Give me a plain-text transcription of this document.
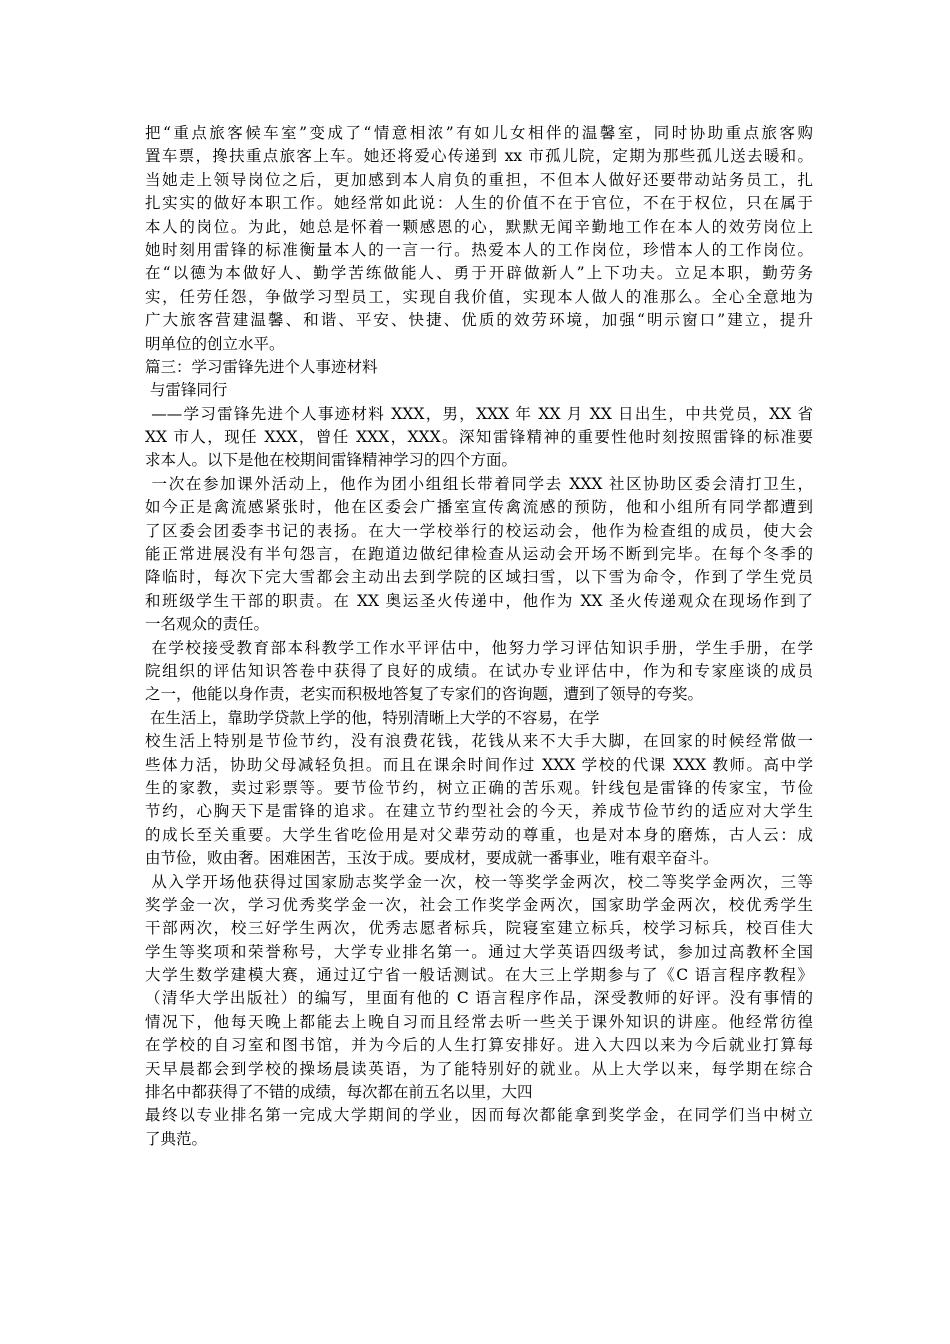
把“重点旅客候车室”变成了“情意相浓”有如儿女相伴的温馨室，同时协助重点旅客购
置车票，搀扶重点旅客上车。她还将爱心传递到 xx 市孤儿院，定期为那些孤儿送去暖和。
当她走上领导岗位之后，更加感到本人肩负的重担，不但本人做好还要带动站务员工，扎
扎实实的做好本职工作。她经常如此说：人生的价值不在于官位，不在于权位，只在属于
本人的岗位。为此，她总是怀着一颗感恩的心，默默无闻辛勤地工作在本人的效劳岗位上
她时刻用雷锋的标准衡量本人的一言一行。热爱本人的工作岗位，珍惜本人的工作岗位。
在“以德为本做好人、勤学苦练做能人、勇于开辟做新人”上下功夫。立足本职，勤劳务
实，任劳任怨，争做学习型员工，实现自我价值，实现本人做人的准那么。全心全意地为
广大旅客营建温馨、和谐、平安、快捷、优质的效劳环境，加强“明示窗口”建立，提升
明单位的创立水平。
篇三：学习雷锋先进个人事迹材料
与雷锋同行
——学习雷锋先进个人事迹材料 XXX，男，XXX 年 XX 月 XX 日出生，中共党员，XX 省
XX 市人，现任 XXX，曾任 XXX，XXX。深知雷锋精神的重要性他时刻按照雷锋的标准要
求本人。以下是他在校期间雷锋精神学习的四个方面。
一次在参加课外活动上，他作为团小组组长带着同学去 XXX 社区协助区委会清打卫生，
如今正是禽流感紧张时，他在区委会广播室宣传禽流感的预防，他和小组所有同学都遭到
了区委会团委李书记的表扬。在大一学校举行的校运动会，他作为检查组的成员，使大会
能正常进展没有半句怨言，在跑道边做纪律检查从运动会开场不断到完毕。在每个冬季的
降临时，每次下完大雪都会主动出去到学院的区域扫雪，以下雪为命令，作到了学生党员
和班级学生干部的职责。在 XX 奥运圣火传递中，他作为 XX 圣火传递观众在现场作到了
一名观众的责任。
在学校接受教育部本科教学工作水平评估中，他努力学习评估知识手册，学生手册，在学
院组织的评估知识答卷中获得了良好的成绩。在试办专业评估中，作为和专家座谈的成员
之一，他能以身作责，老实而积极地答复了专家们的咨询题，遭到了领导的夸奖。
在生活上，靠助学贷款上学的他，特别清晰上大学的不容易，在学
校生活上特别是节俭节约，没有浪费花钱，花钱从来不大手大脚，在回家的时候经常做一
些体力活，协助父母减轻负担。而且在课余时间作过 XXX 学校的代课 XXX 教师。高中学
生的家教，卖过彩票等。要节俭节约，树立正确的苦乐观。针线包是雷锋的传家宝，节俭
节约，心胸天下是雷锋的追求。在建立节约型社会的今天，养成节俭节约的适应对大学生
的成长至关重要。大学生省吃俭用是对父辈劳动的尊重，也是对本身的磨炼，古人云：成
由节俭，败由奢。困难困苦，玉汝于成。要成材，要成就一番事业，唯有艰辛奋斗。
从入学开场他获得过国家励志奖学金一次，校一等奖学金两次，校二等奖学金两次，三等
奖学金一次，学习优秀奖学金一次，社会工作奖学金两次，国家助学金两次，校优秀学生
干部两次，校三好学生两次，优秀志愿者标兵，院寝室建立标兵，校学习标兵，校百佳大
学生等奖项和荣誉称号，大学专业排名第一。通过大学英语四级考试，参加过高教杯全国
大学生数学建模大赛，通过辽宁省一般话测试。在大三上学期参与了《C 语言程序教程》
（清华大学出版社）的编写，里面有他的 C 语言程序作品，深受教师的好评。没有事情的
情况下，他每天晚上都能去上晚自习而且经常去听一些关于课外知识的讲座。他经常彷徨
在学校的自习室和图书馆，并为今后的人生打算安排好。进入大四以来为今后就业打算每
天早晨都会到学校的操场晨读英语，为了能特别好的就业。从上大学以来，每学期在综合
排名中都获得了不错的成绩，每次都在前五名以里，大四
最终以专业排名第一完成大学期间的学业，因而每次都能拿到奖学金，在同学们当中树立
了典范。
